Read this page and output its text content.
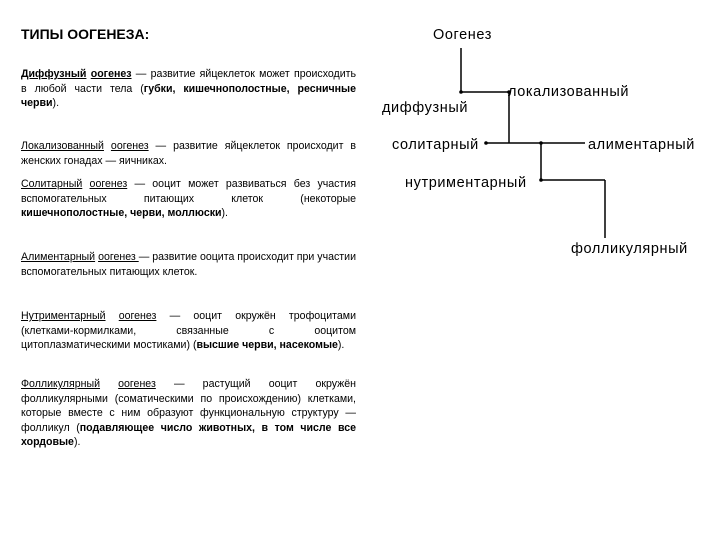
ТИПЫ ООГЕНЕЗА:

Диффузный оогенез — развитие яйцеклеток может происходить в любой части тела (губки, кишечнополостные, ресничные черви).

Локализованный оогенез — развитие яйцеклеток происходит в женских гонадах — яичниках.

Солитарный оогенез — ооцит может развиваться без участия вспомогательных питающих клеток (некоторые кишечнополостные, черви, моллюски).

Алиментарный оогенез — развитие ооцита происходит при участии вспомогательных питающих клеток.

Нутриментарный оогенез — ооцит окружён трофоцитами (клетками-кормилками, связанные с ооцитом цитоплазматическими мостиками) (высшие черви, насекомые).

Фолликулярный оогенез — растущий ооцит окружён фолликулярными (соматическими по происхождению) клетками, которые вместе с ним образуют функциональную структуру — фолликул (подавляющее число животных, в том числе все хордовые).

Оогенез
диффузный
локализованный
солитарный	алиментарный
нутриментарный
фолликулярный
